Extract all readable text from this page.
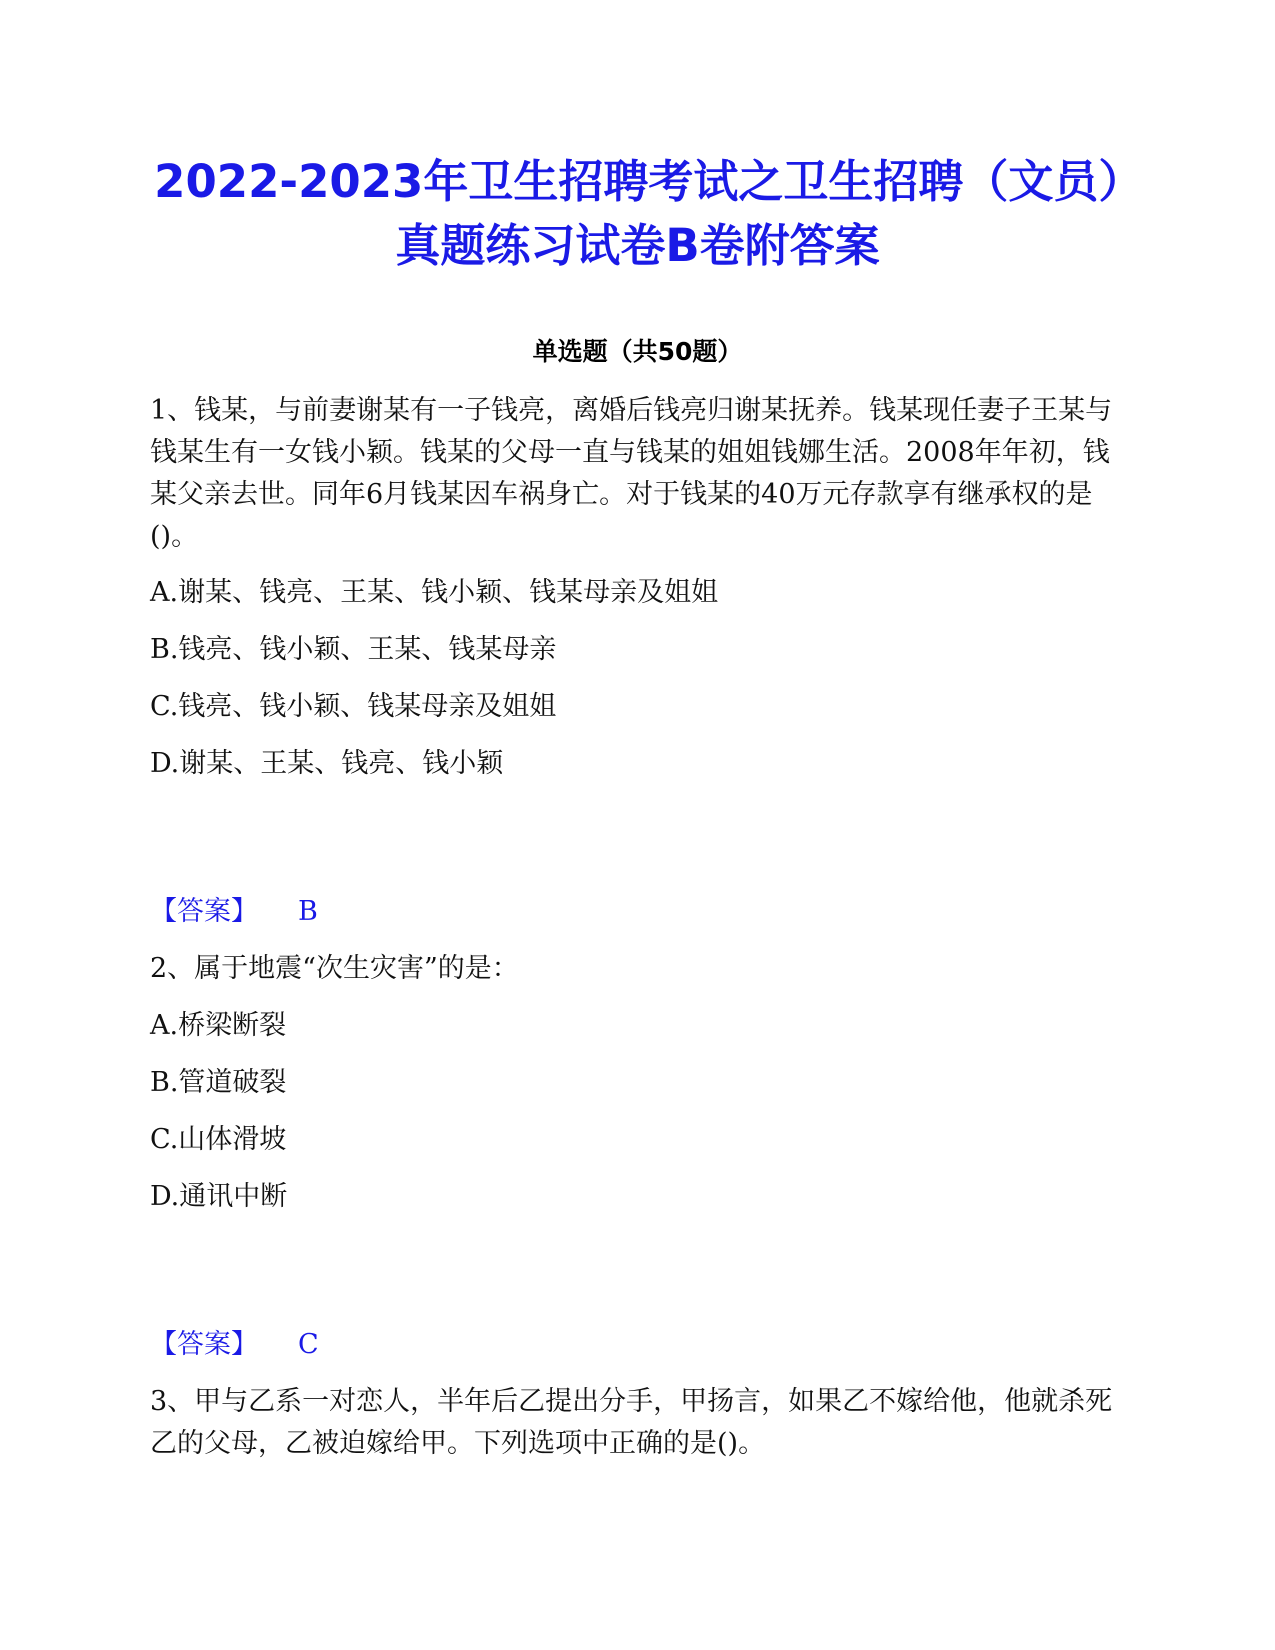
2022-2023年卫生招聘考试之卫生招聘（文员）真题练习试卷B卷附答案
单选题（共50题）

1、钱某，与前妻谢某有一子钱亮，离婚后钱亮归谢某抚养。钱某现任妻子王某与钱某生有一女钱小颖。钱某的父母一直与钱某的姐姐钱娜生活。2008年年初，钱某父亲去世。同年6月钱某因车祸身亡。对于钱某的40万元存款享有继承权的是()。

A.谢某、钱亮、王某、钱小颖、钱某母亲及姐姐

B.钱亮、钱小颖、王某、钱某母亲

C.钱亮、钱小颖、钱某母亲及姐姐

D.谢某、王某、钱亮、钱小颖

【答案】 B

2、属于地震“次生灾害”的是：

A.桥梁断裂

B.管道破裂

C.山体滑坡

D.通讯中断

【答案】 C

3、甲与乙系一对恋人，半年后乙提出分手，甲扬言，如果乙不嫁给他，他就杀死乙的父母，乙被迫嫁给甲。下列选项中正确的是()。
